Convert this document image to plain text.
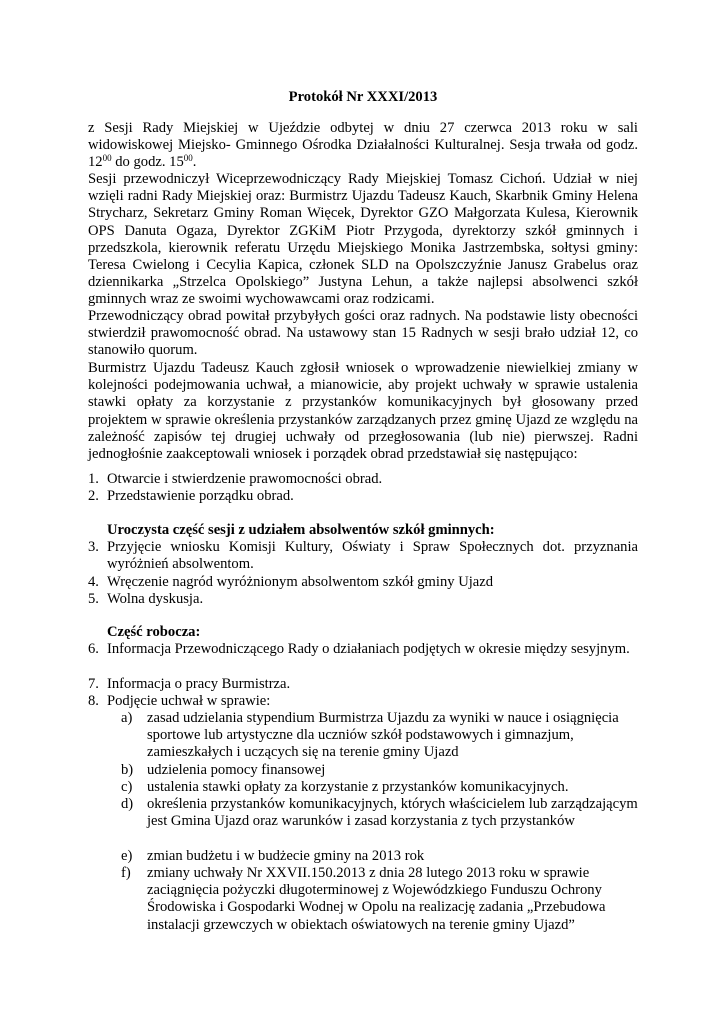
Protokół Nr XXXI/2013

z Sesji Rady Miejskiej w Ujeździe odbytej w dniu 27 czerwca 2013 roku w sali widowiskowej Miejsko- Gminnego Ośrodka Działalności Kulturalnej. Sesja trwała od godz. $12^{00}$ do godz. $15^{00}$.

Sesji przewodniczył Wiceprzewodniczący Rady Miejskiej Tomasz Cichoń. Udział w niej wzięli radni Rady Miejskiej oraz: Burmistrz Ujazdu Tadeusz Kauch, Skarbnik Gminy Helena Strycharz, Sekretarz Gminy Roman Więcek, Dyrektor GZO Małgorzata Kulesa, Kierownik OPS Danuta Ogaza, Dyrektor ZGKiM Piotr Przygoda, dyrektorzy szkół gminnych i przedszkola, kierownik referatu Urzędu Miejskiego Monika Jastrzembska, sołtysi gminy: Teresa Cwielong i Cecylia Kapica, członek SLD na Opolszczyźnie Janusz Grabelus oraz dziennikarka „Strzelca Opolskiego” Justyna Lehun, a także najlepsi absolwenci szkół gminnych wraz ze swoimi wychowawcami oraz rodzicami.

Przewodniczący obrad powitał przybyłych gości oraz radnych. Na podstawie listy obecności stwierdził prawomocność obrad. Na ustawowy stan 15 Radnych w sesji brało udział 12, co stanowiło quorum.

Burmistrz Ujazdu Tadeusz Kauch zgłosił wniosek o wprowadzenie niewielkiej zmiany w kolejności podejmowania uchwał, a mianowicie, aby projekt uchwały w sprawie ustalenia stawki opłaty za korzystanie z przystanków komunikacyjnych był głosowany przed projektem w sprawie określenia przystanków zarządzanych przez gminę Ujazd ze względu na zależność zapisów tej drugiej uchwały od przegłosowania (lub nie) pierwszej. Radni jednogłośnie zaakceptowali wniosek i porządek obrad przedstawiał się następująco:

1. Otwarcie i stwierdzenie prawomocności obrad.
2. Przedstawienie porządku obrad.
Uroczysta część sesji z udziałem absolwentów szkół gminnych:
3. Przyjęcie wniosku Komisji Kultury, Oświaty i Spraw Społecznych dot. przyznania wyróżnień absolwentom.
4. Wręczenie nagród wyróżnionym absolwentom szkół gminy Ujazd
5. Wolna dyskusja.
Część robocza:
6. Informacja Przewodniczącego Rady o działaniach podjętych w okresie między sesyjnym.
7. Informacja o pracy Burmistrza.
8. Podjęcie uchwał w sprawie:
a) zasad udzielania stypendium Burmistrza Ujazdu za wyniki w nauce i osiągnięcia sportowe lub artystyczne dla uczniów szkół podstawowych i gimnazjum, zamieszkałych i uczących się na terenie gminy Ujazd
b) udzielenia pomocy finansowej
c) ustalenia stawki opłaty za korzystanie z przystanków komunikacyjnych.
d) określenia przystanków komunikacyjnych, których właścicielem lub zarządzającym jest Gmina Ujazd oraz warunków i zasad korzystania z tych przystanków
e) zmian budżetu i w budżecie gminy na 2013 rok
f) zmiany uchwały Nr XXVII.150.2013 z dnia 28 lutego 2013 roku w sprawie zaciągnięcia pożyczki długoterminowej z Wojewódzkiego Funduszu Ochrony Środowiska i Gospodarki Wodnej w Opolu na realizację zadania „Przebudowa instalacji grzewczych w obiektach oświatowych na terenie gminy Ujazd”
